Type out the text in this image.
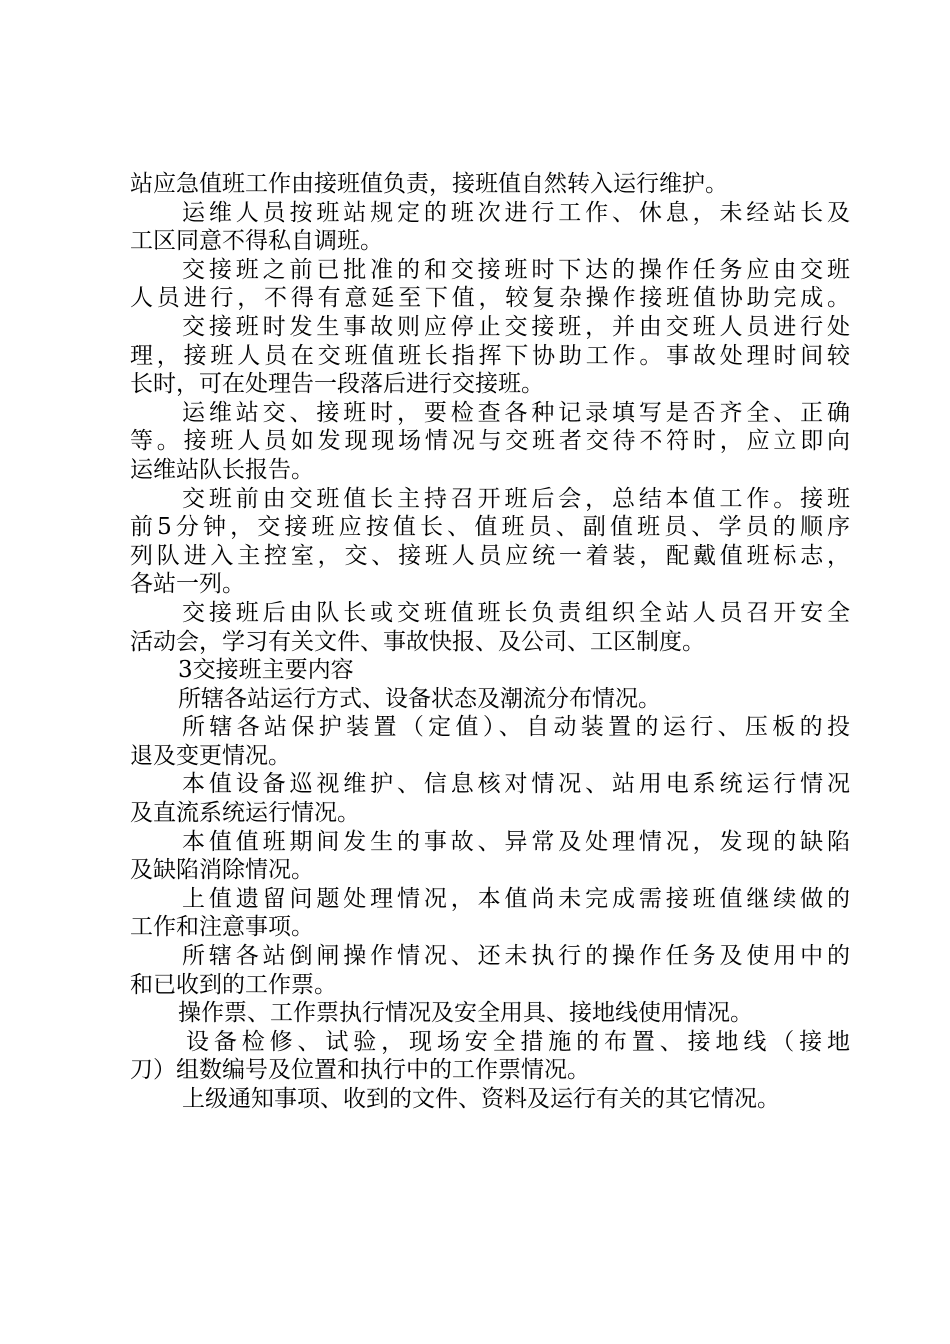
站应急值班工作由接班值负责，接班值自然转入运行维护。
运维人员按班站规定的班次进行工作、休息，未经站长及
工区同意不得私自调班。
交接班之前已批准的和交接班时下达的操作任务应由交班
人员进行，不得有意延至下值，较复杂操作接班值协助完成。
交接班时发生事故则应停止交接班，并由交班人员进行处
理，接班人员在交班值班长指挥下协助工作。事故处理时间较
长时，可在处理告一段落后进行交接班。
运维站交、接班时，要检查各种记录填写是否齐全、正确
等。接班人员如发现现场情况与交班者交待不符时，应立即向
运维站队长报告。
交班前由交班值长主持召开班后会，总结本值工作。接班
前5分钟，交接班应按值长、值班员、副值班员、学员的顺序
列队进入主控室，交、接班人员应统一着装，配戴值班标志，
各站一列。
交接班后由队长或交班值班长负责组织全站人员召开安全
活动会，学习有关文件、事故快报、及公司、工区制度。
3交接班主要内容
所辖各站运行方式、设备状态及潮流分布情况。
所辖各站保护装置（定值）、自动装置的运行、压板的投
退及变更情况。
本值设备巡视维护、信息核对情况、站用电系统运行情况
及直流系统运行情况。
本值值班期间发生的事故、异常及处理情况，发现的缺陷
及缺陷消除情况。
上值遗留问题处理情况，本值尚未完成需接班值继续做的
工作和注意事项。
所辖各站倒闸操作情况、还未执行的操作任务及使用中的
和已收到的工作票。
操作票、工作票执行情况及安全用具、接地线使用情况。
设备检修、试验，现场安全措施的布置、接地线（接地
刀）组数编号及位置和执行中的工作票情况。
上级通知事项、收到的文件、资料及运行有关的其它情况。
